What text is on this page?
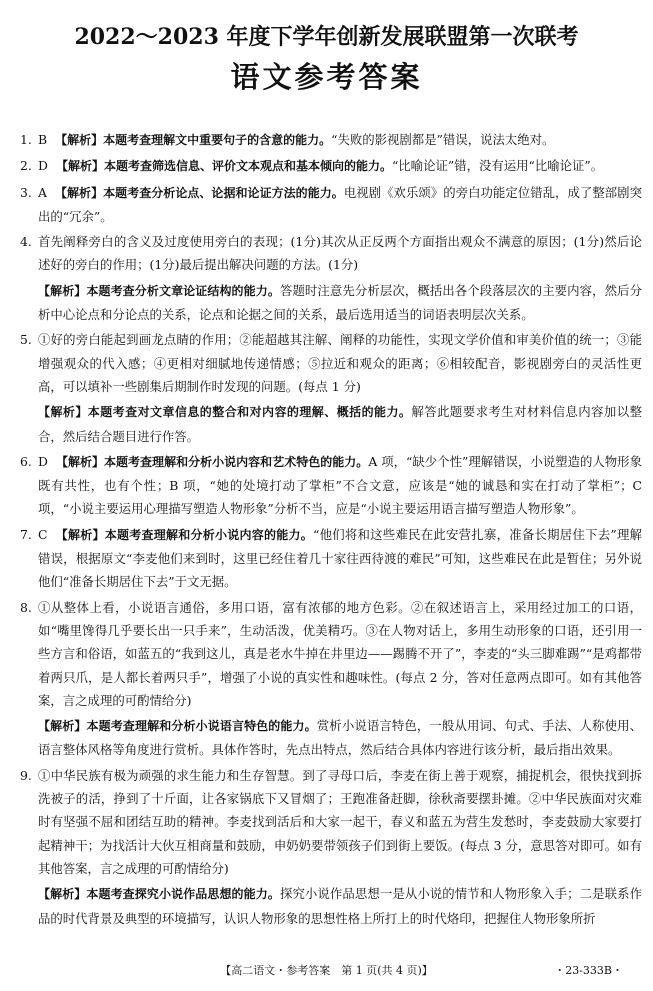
2022～2023 年度下学年创新发展联盟第一次联考
语文参考答案
1. B 【解析】本题考查理解文中重要句子的含意的能力。“失败的影视剧都是”错误，说法太绝对。
2. D 【解析】本题考查筛选信息、评价文本观点和基本倾向的能力。“比喻论证”错，没有运用“比喻论证”。
3. A 【解析】本题考查分析论点、论据和论证方法的能力。电视剧《欢乐颂》的旁白功能定位错乱，成了整部剧突出的“冗余”。
4. 首先阐释旁白的含义及过度使用旁白的表现；(1分)其次从正反两个方面指出观众不满意的原因；(1分)然后论述好的旁白的作用；(1分)最后提出解决问题的方法。(1分)
【解析】本题考查分析文章论证结构的能力。答题时注意先分析层次，概括出各个段落层次的主要内容，然后分析中心论点和分论点的关系，论点和论据之间的关系，最后选用适当的词语表明层次关系。
5. ①好的旁白能起到画龙点睛的作用；②能超越其注解、阐释的功能性，实现文学价值和审美价值的统一；③能增强观众的代入感；④更相对细腻地传递情感；⑤拉近和观众的距离；⑥相较配音，影视剧旁白的灵活性更高，可以填补一些剧集后期制作时发现的问题。(每点 1 分)
【解析】本题考查对文章信息的整合和对内容的理解、概括的能力。解答此题要求考生对材料信息内容加以整合，然后结合题目进行作答。
6. D 【解析】本题考查理解和分析小说内容和艺术特色的能力。A 项，“缺少个性”理解错误，小说塑造的人物形象既有共性，也有个性；B 项，“她的处境打动了掌柜”不合文意，应该是“她的诚恳和实在打动了掌柜”；C 项，“小说主要运用心理描写塑造人物形象”分析不当，应是“小说主要运用语言描写塑造人物形象”。
7. C 【解析】本题考查理解和分析小说内容的能力。“他们将和这些难民在此安营扎寨，准备长期居住下去”理解错误，根据原文“李麦他们来到时，这里已经住着几十家往西待渡的难民”可知，这些难民在此是暂住；另外说他们“准备长期居住下去”于文无据。
8. ①从整体上看，小说语言通俗，多用口语，富有浓郁的地方色彩。②在叙述语言上，采用经过加工的口语，如“嘴里馋得几乎要长出一只手来”，生动活泼，优美精巧。③在人物对话上，多用生动形象的口语，还引用一些方言和俗语，如蓝五的“我到这儿，真是老水牛掉在井里边——踢腾不开了”，李麦的“头三脚难踢”“是鸡都带着两只爪，是人都长着两只手”，增强了小说的真实性和趣味性。(每点 2 分，答对任意两点即可。如有其他答案，言之成理的可酌情给分)
【解析】本题考查理解和分析小说语言特色的能力。赏析小说语言特色，一般从用词、句式、手法、人称使用、语言整体风格等角度进行赏析。具体作答时，先点出特点，然后结合具体内容进行该分析，最后指出效果。
9. ①中华民族有极为顽强的求生能力和生存智慧。到了寻母口后，李麦在街上善于观察，捕捉机会，很快找到拆洗被子的活，挣到了十斤面，让各家锅底下又冒烟了；王跑准备赶脚，徐秋斋要摆卦摊。②中华民族面对灾难时有坚强不屈和团结互助的精神。李麦找到活后和大家一起干，春义和蓝五为营生发愁时，李麦鼓励大家要打起精神干；为找活计大伙互相商量和鼓励，申奶奶要带领孩子们到街上要饭。(每点 3 分，意思答对即可。如有其他答案，言之成理的可酌情给分)
【解析】本题考查探究小说作品思想的能力。探究小说作品思想一是从小说的情节和人物形象入手；二是联系作品的时代背景及典型的环境描写，认识人物形象的思想性格上所打上的时代烙印，把握住人物形象所折
【高二语文・参考答案　第 1 页(共 4 页)】	・23-333B・
